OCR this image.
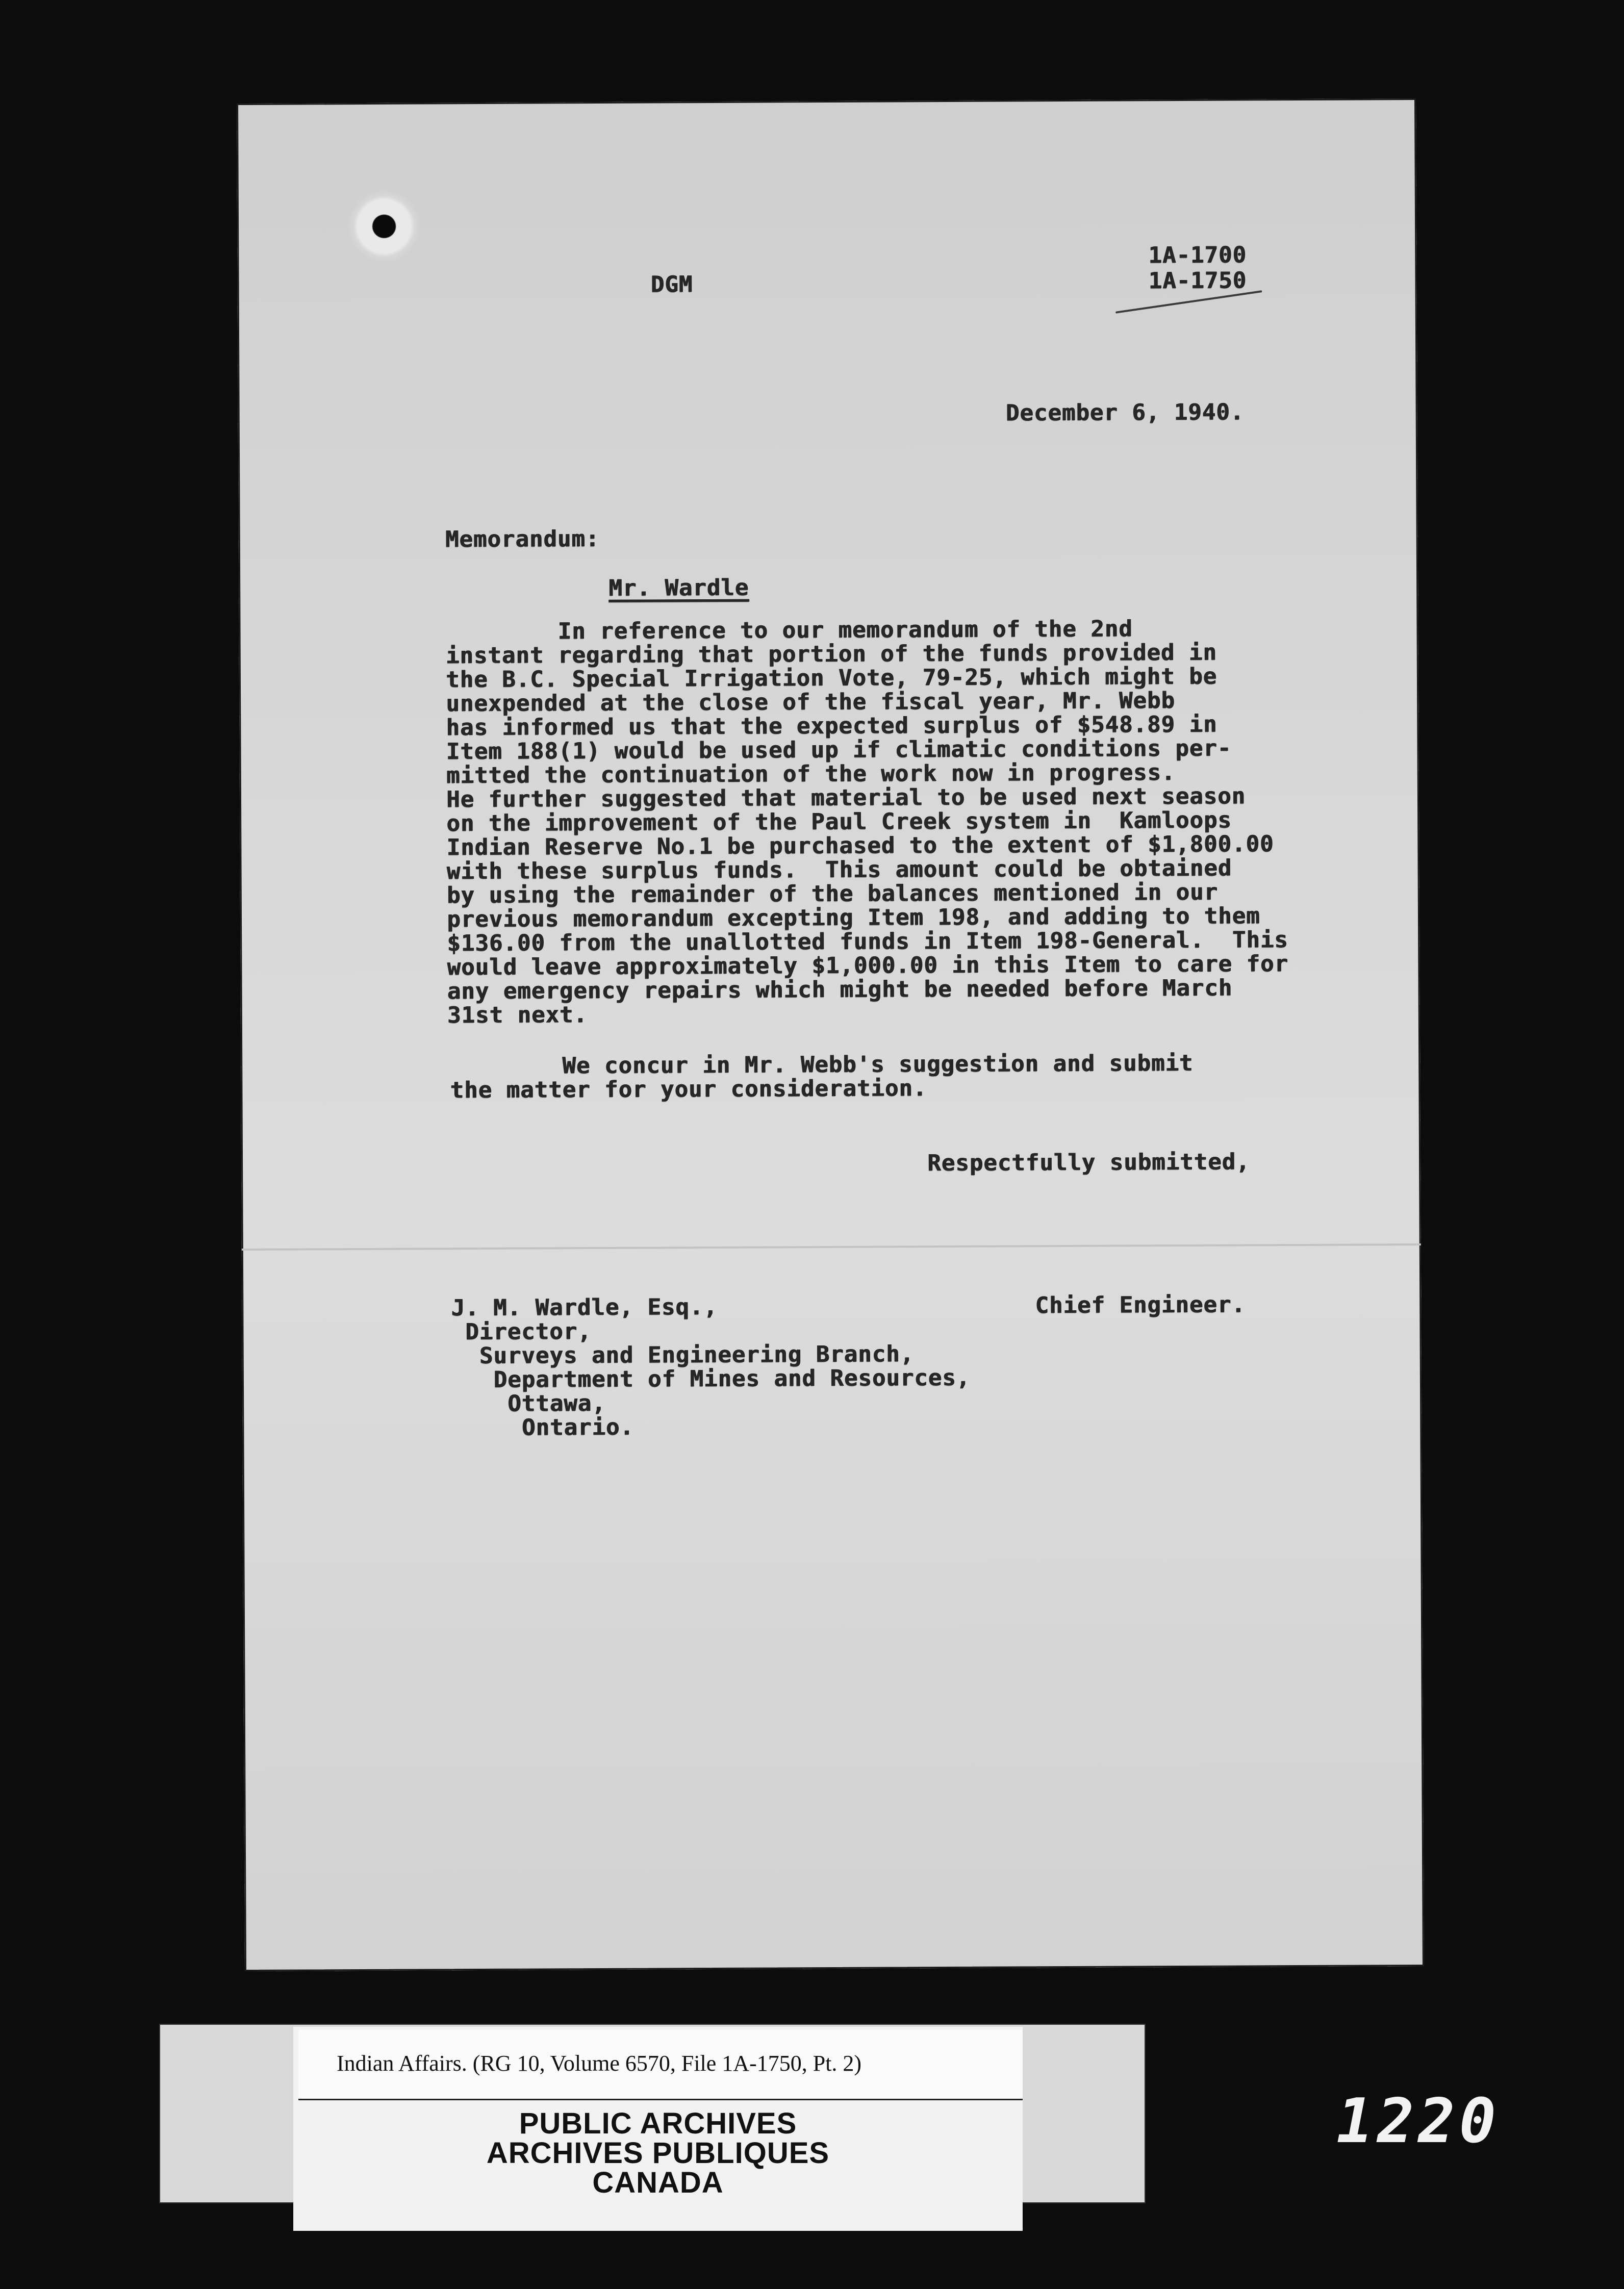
DGM
1A-1700
1A-1750
December 6, 1940.
Memorandum:
Mr. Wardle
In reference to our memorandum of the 2nd
instant regarding that portion of the funds provided in
the B.C. Special Irrigation Vote, 79-25, which might be
unexpended at the close of the fiscal year, Mr. Webb
has informed us that the expected surplus of $548.89 in
Item 188(1) would be used up if climatic conditions per-
mitted the continuation of the work now in progress.
He further suggested that material to be used next season
on the improvement of the Paul Creek system in  Kamloops
Indian Reserve No.1 be purchased to the extent of $1,800.00
with these surplus funds.  This amount could be obtained
by using the remainder of the balances mentioned in our
previous memorandum excepting Item 198, and adding to them
$136.00 from the unallotted funds in Item 198-General.  This
would leave approximately $1,000.00 in this Item to care for
any emergency repairs which might be needed before March
31st next.
We concur in Mr. Webb's suggestion and submit
the matter for your consideration.
Respectfully submitted,
Chief Engineer.
J. M. Wardle, Esq.,
Director,
Surveys and Engineering Branch,
Department of Mines and Resources,
Ottawa,
Ontario.
Indian Affairs. (RG 10, Volume 6570, File 1A-1750, Pt. 2)
PUBLIC ARCHIVES
ARCHIVES PUBLIQUES
CANADA
1220
